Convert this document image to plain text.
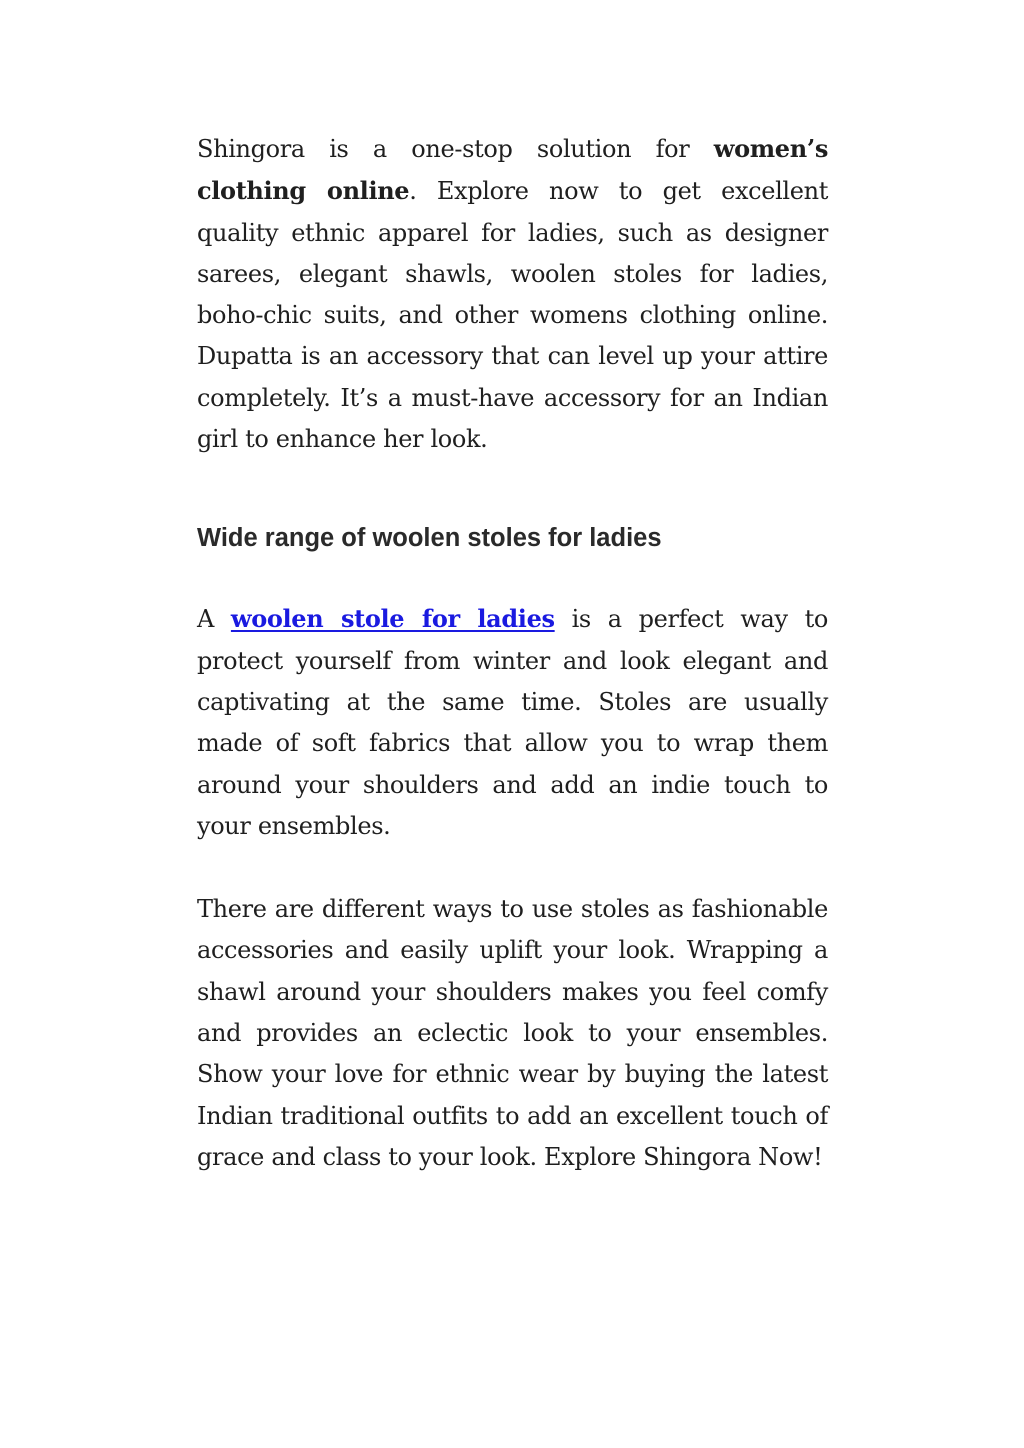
Shingora is a one-stop solution for women’s clothing online. Explore now to get excellent quality ethnic apparel for ladies, such as designer sarees, elegant shawls, woolen stoles for ladies, boho-chic suits, and other womens clothing online. Dupatta is an accessory that can level up your attire completely. It’s a must-have accessory for an Indian girl to enhance her look.

Wide range of woolen stoles for ladies

A woolen stole for ladies is a perfect way to protect yourself from winter and look elegant and captivating at the same time. Stoles are usually made of soft fabrics that allow you to wrap them around your shoulders and add an indie touch to your ensembles.

There are different ways to use stoles as fashionable accessories and easily uplift your look. Wrapping a shawl around your shoulders makes you feel comfy and provides an eclectic look to your ensembles. Show your love for ethnic wear by buying the latest Indian traditional outfits to add an excellent touch of grace and class to your look. Explore Shingora Now!
